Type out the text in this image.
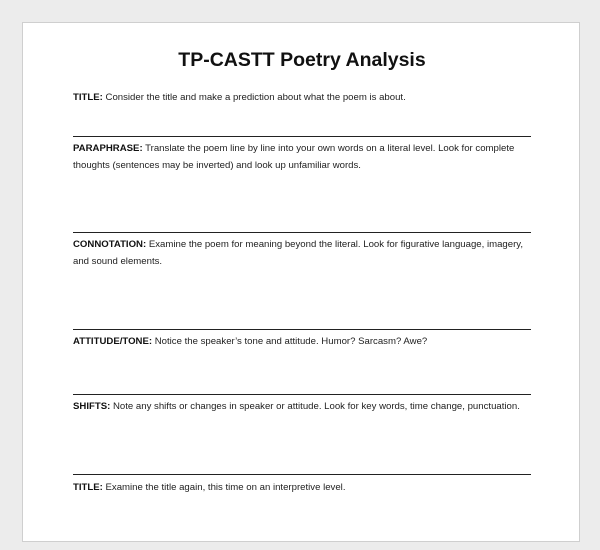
TP-CASTT Poetry Analysis
TITLE: Consider the title and make a prediction about what the poem is about.
PARAPHRASE: Translate the poem line by line into your own words on a literal level. Look for complete thoughts (sentences may be inverted) and look up unfamiliar words.
CONNOTATION: Examine the poem for meaning beyond the literal. Look for figurative language, imagery, and sound elements.
ATTITUDE/TONE: Notice the speaker’s tone and attitude. Humor? Sarcasm? Awe?
SHIFTS: Note any shifts or changes in speaker or attitude. Look for key words, time change, punctuation.
TITLE: Examine the title again, this time on an interpretive level.
